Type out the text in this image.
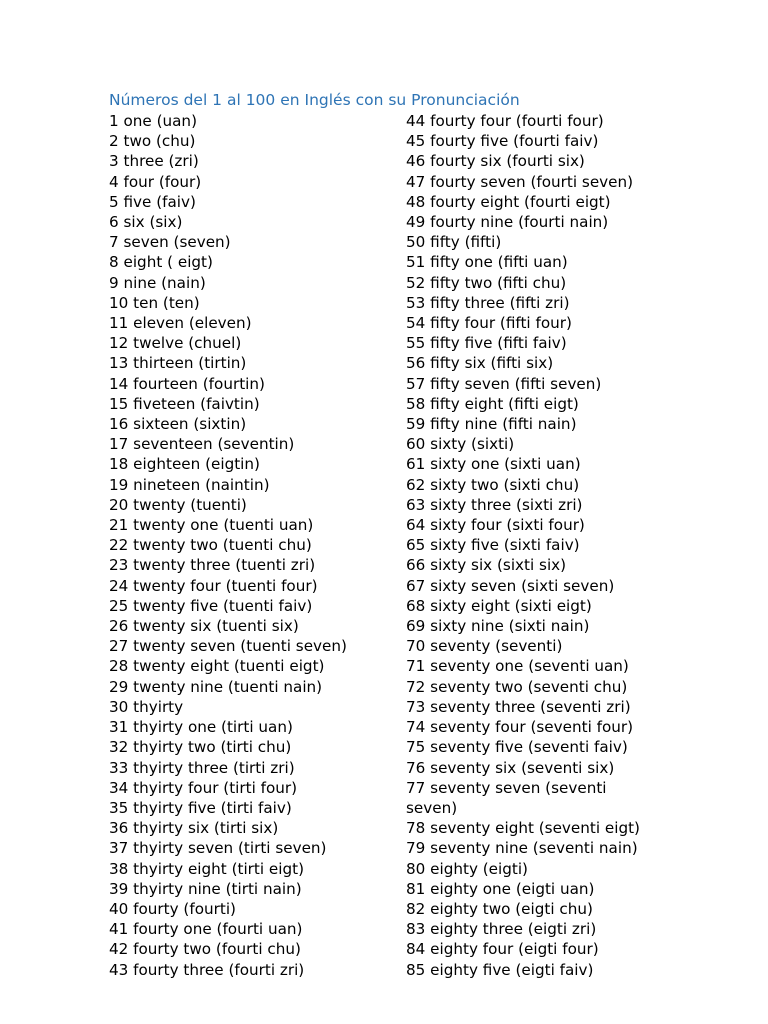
Números del 1 al 100 en Inglés con su Pronunciación
1 one (uan)
2 two (chu)
3 three (zri)
4 four (four)
5 five (faiv)
6 six (six)
7 seven (seven)
8 eight ( eigt)
9 nine (nain)
10 ten (ten)
11 eleven (eleven)
12 twelve (chuel)
13 thirteen (tirtin)
14 fourteen (fourtin)
15 fiveteen (faivtin)
16 sixteen (sixtin)
17 seventeen (seventin)
18 eighteen (eigtin)
19 nineteen (naintin)
20 twenty (tuenti)
21 twenty one (tuenti uan)
22 twenty two (tuenti chu)
23 twenty three (tuenti zri)
24 twenty four (tuenti four)
25 twenty five (tuenti faiv)
26 twenty six (tuenti six)
27 twenty seven (tuenti seven)
28 twenty eight (tuenti eigt)
29 twenty nine (tuenti nain)
30 thyirty
31 thyirty one (tirti uan)
32 thyirty two (tirti chu)
33 thyirty three (tirti zri)
34 thyirty four (tirti four)
35 thyirty five (tirti faiv)
36 thyirty six (tirti six)
37 thyirty seven (tirti seven)
38 thyirty eight (tirti eigt)
39 thyirty nine (tirti nain)
40 fourty (fourti)
41 fourty one (fourti uan)
42 fourty two (fourti chu)
43 fourty three (fourti zri)
44 fourty four (fourti four)
45 fourty five (fourti faiv)
46 fourty six (fourti six)
47 fourty seven (fourti seven)
48 fourty eight (fourti eigt)
49 fourty nine (fourti nain)
50 fifty (fifti)
51 fifty one (fifti uan)
52 fifty two (fifti chu)
53 fifty three (fifti zri)
54 fifty four (fifti four)
55 fifty five (fifti faiv)
56 fifty six (fifti six)
57 fifty seven (fifti seven)
58 fifty eight (fifti eigt)
59 fifty nine (fifti nain)
60 sixty (sixti)
61 sixty one (sixti uan)
62 sixty two (sixti chu)
63 sixty three (sixti zri)
64 sixty four (sixti four)
65 sixty five (sixti faiv)
66 sixty six (sixti six)
67 sixty seven (sixti seven)
68 sixty eight (sixti eigt)
69 sixty nine (sixti nain)
70 seventy (seventi)
71 seventy one (seventi uan)
72 seventy two (seventi chu)
73 seventy three (seventi zri)
74 seventy four (seventi four)
75 seventy five (seventi faiv)
76 seventy six (seventi six)
77 seventy seven (seventi seven)
78 seventy eight (seventi eigt)
79 seventy nine (seventi nain)
80 eighty (eigti)
81 eighty one (eigti uan)
82 eighty two (eigti chu)
83 eighty three (eigti zri)
84 eighty four (eigti four)
85 eighty five (eigti faiv)
